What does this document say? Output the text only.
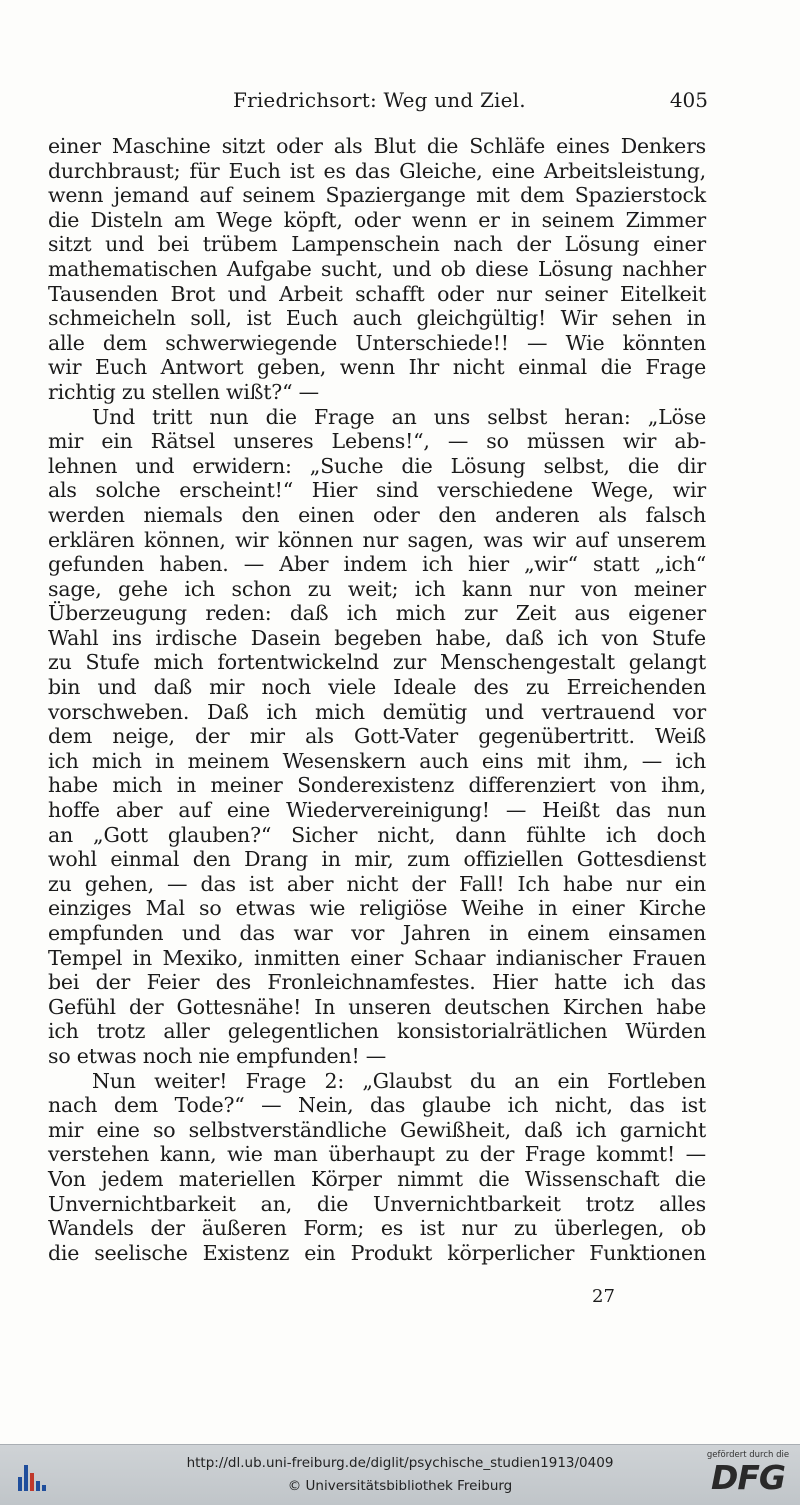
Friedrichsort: Weg und Ziel.	405
einer Maschine sitzt oder als Blut die Schläfe eines Denkers
durchbraust; für Euch ist es das Gleiche, eine Arbeitsleistung,
wenn jemand auf seinem Spaziergange mit dem Spazierstock
die Disteln am Wege köpft, oder wenn er in seinem Zimmer
sitzt und bei trübem Lampenschein nach der Lösung einer
mathematischen Aufgabe sucht, und ob diese Lösung nachher
Tausenden Brot und Arbeit schafft oder nur seiner Eitelkeit
schmeicheln soll, ist Euch auch gleichgültig! Wir sehen in
alle dem schwerwiegende Unterschiede!! — Wie könnten
wir Euch Antwort geben, wenn Ihr nicht einmal die Frage
richtig zu stellen wißt?“ —
Und tritt nun die Frage an uns selbst heran: „Löse
mir ein Rätsel unseres Lebens!“, — so müssen wir ab-
lehnen und erwidern: „Suche die Lösung selbst, die dir
als solche erscheint!“ Hier sind verschiedene Wege, wir
werden niemals den einen oder den anderen als falsch
erklären können, wir können nur sagen, was wir auf unserem
gefunden haben. — Aber indem ich hier „wir“ statt „ich“
sage, gehe ich schon zu weit; ich kann nur von meiner
Überzeugung reden: daß ich mich zur Zeit aus eigener
Wahl ins irdische Dasein begeben habe, daß ich von Stufe
zu Stufe mich fortentwickelnd zur Menschengestalt gelangt
bin und daß mir noch viele Ideale des zu Erreichenden
vorschweben. Daß ich mich demütig und vertrauend vor
dem neige, der mir als Gott-Vater gegenübertritt. Weiß
ich mich in meinem Wesenskern auch eins mit ihm, — ich
habe mich in meiner Sonderexistenz differenziert von ihm,
hoffe aber auf eine Wiedervereinigung! — Heißt das nun
an „Gott glauben?“ Sicher nicht, dann fühlte ich doch
wohl einmal den Drang in mir, zum offiziellen Gottesdienst
zu gehen, — das ist aber nicht der Fall! Ich habe nur ein
einziges Mal so etwas wie religiöse Weihe in einer Kirche
empfunden und das war vor Jahren in einem einsamen
Tempel in Mexiko, inmitten einer Schaar indianischer Frauen
bei der Feier des Fronleichnamfestes. Hier hatte ich das
Gefühl der Gottesnähe! In unseren deutschen Kirchen habe
ich trotz aller gelegentlichen konsistorialrätlichen Würden
so etwas noch nie empfunden! —
Nun weiter! Frage 2: „Glaubst du an ein Fortleben
nach dem Tode?“ — Nein, das glaube ich nicht, das ist
mir eine so selbstverständliche Gewißheit, daß ich garnicht
verstehen kann, wie man überhaupt zu der Frage kommt! —
Von jedem materiellen Körper nimmt die Wissenschaft die
Unvernichtbarkeit an, die Unvernichtbarkeit trotz alles
Wandels der äußeren Form; es ist nur zu überlegen, ob
die seelische Existenz ein Produkt körperlicher Funktionen
27
http://dl.ub.uni-freiburg.de/diglit/psychische_studien1913/0409
© Universitätsbibliothek Freiburg
gefördert durch die
DFG
